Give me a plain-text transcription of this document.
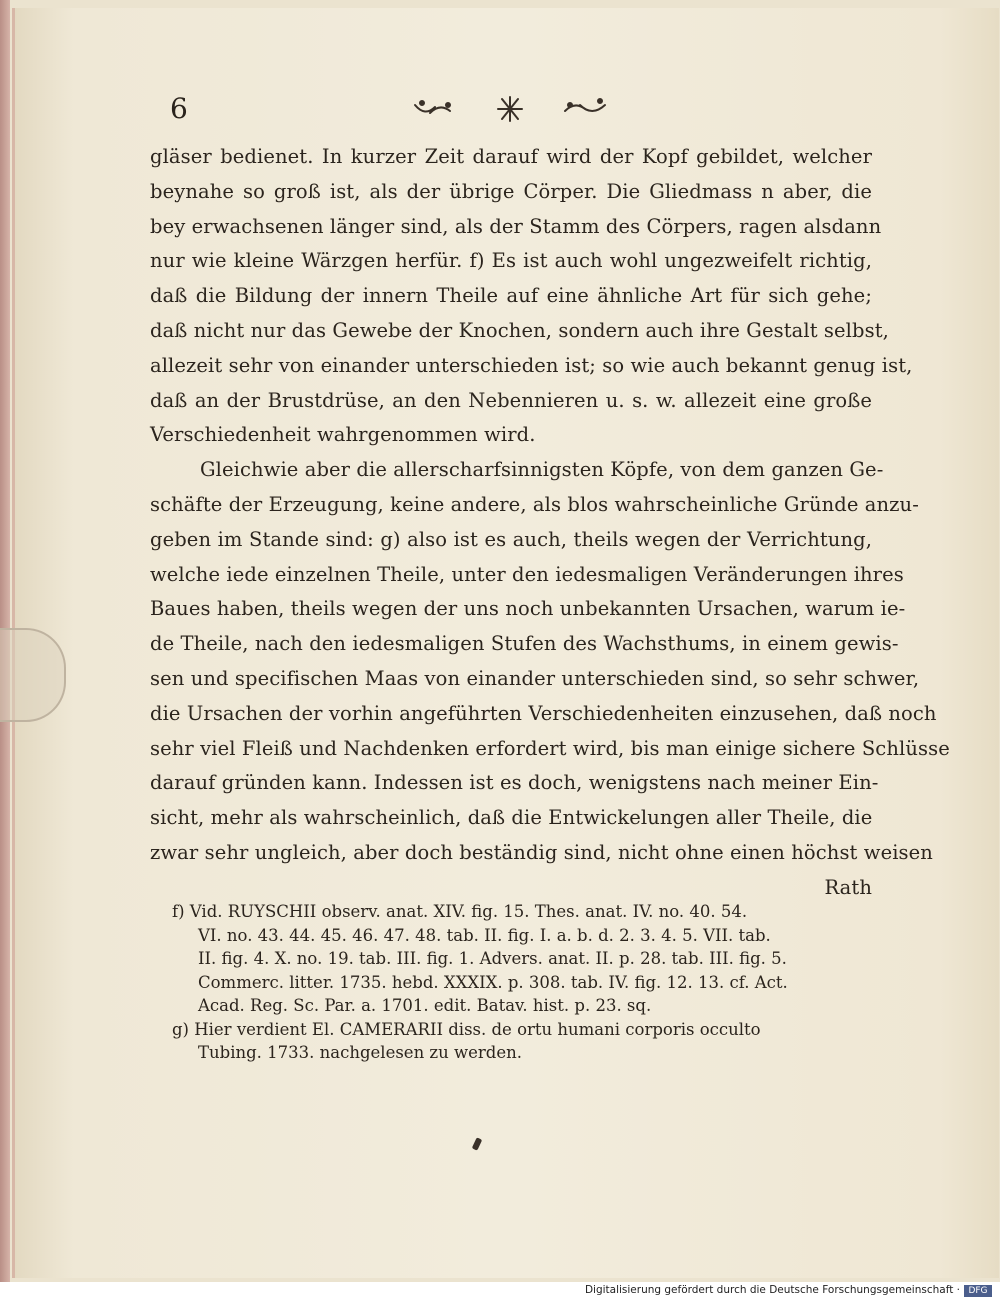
6
gläser bedienet. In kurzer Zeit darauf wird der Kopf gebildet, welcher
beynahe so groß ist, als der übrige Cörper. Die Gliedmass n aber, die
bey erwachsenen länger sind, als der Stamm des Cörpers, ragen alsdann
nur wie kleine Wärzgen herfür. f) Es ist auch wohl ungezweifelt richtig,
daß die Bildung der innern Theile auf eine ähnliche Art für sich gehe;
daß nicht nur das Gewebe der Knochen, sondern auch ihre Gestalt selbst,
allezeit sehr von einander unterschieden ist; so wie auch bekannt genug ist,
daß an der Brustdrüse, an den Nebennieren u. s. w. allezeit eine große
Verschiedenheit wahrgenommen wird.
Gleichwie aber die allerscharfsinnigsten Köpfe, von dem ganzen Ge-
schäfte der Erzeugung, keine andere, als blos wahrscheinliche Gründe anzu-
geben im Stande sind: g) also ist es auch, theils wegen der Verrichtung,
welche iede einzelnen Theile, unter den iedesmaligen Veränderungen ihres
Baues haben, theils wegen der uns noch unbekannten Ursachen, warum ie-
de Theile, nach den iedesmaligen Stufen des Wachsthums, in einem gewis-
sen und specifischen Maas von einander unterschieden sind, so sehr schwer,
die Ursachen der vorhin angeführten Verschiedenheiten einzusehen, daß noch
sehr viel Fleiß und Nachdenken erfordert wird, bis man einige sichere Schlüsse
darauf gründen kann. Indessen ist es doch, wenigstens nach meiner Ein-
sicht, mehr als wahrscheinlich, daß die Entwickelungen aller Theile, die
zwar sehr ungleich, aber doch beständig sind, nicht ohne einen höchst weisen
Rath
f) Vid. RUYSCHII observ. anat. XIV. fig. 15. Thes. anat. IV. no. 40. 54.
VI. no. 43. 44. 45. 46. 47. 48. tab. II. fig. I. a. b. d. 2. 3. 4. 5. VII. tab.
II. fig. 4. X. no. 19. tab. III. fig. 1. Advers. anat. II. p. 28. tab. III. fig. 5.
Commerc. litter. 1735. hebd. XXXIX. p. 308. tab. IV. fig. 12. 13. cf. Act.
Acad. Reg. Sc. Par. a. 1701. edit. Batav. hist. p. 23. sq.
g) Hier verdient El. CAMERARII diss. de ortu humani corporis occulto
Tubing. 1733. nachgelesen zu werden.
Digitalisierung gefördert durch die Deutsche Forschungsgemeinschaft · DFG
